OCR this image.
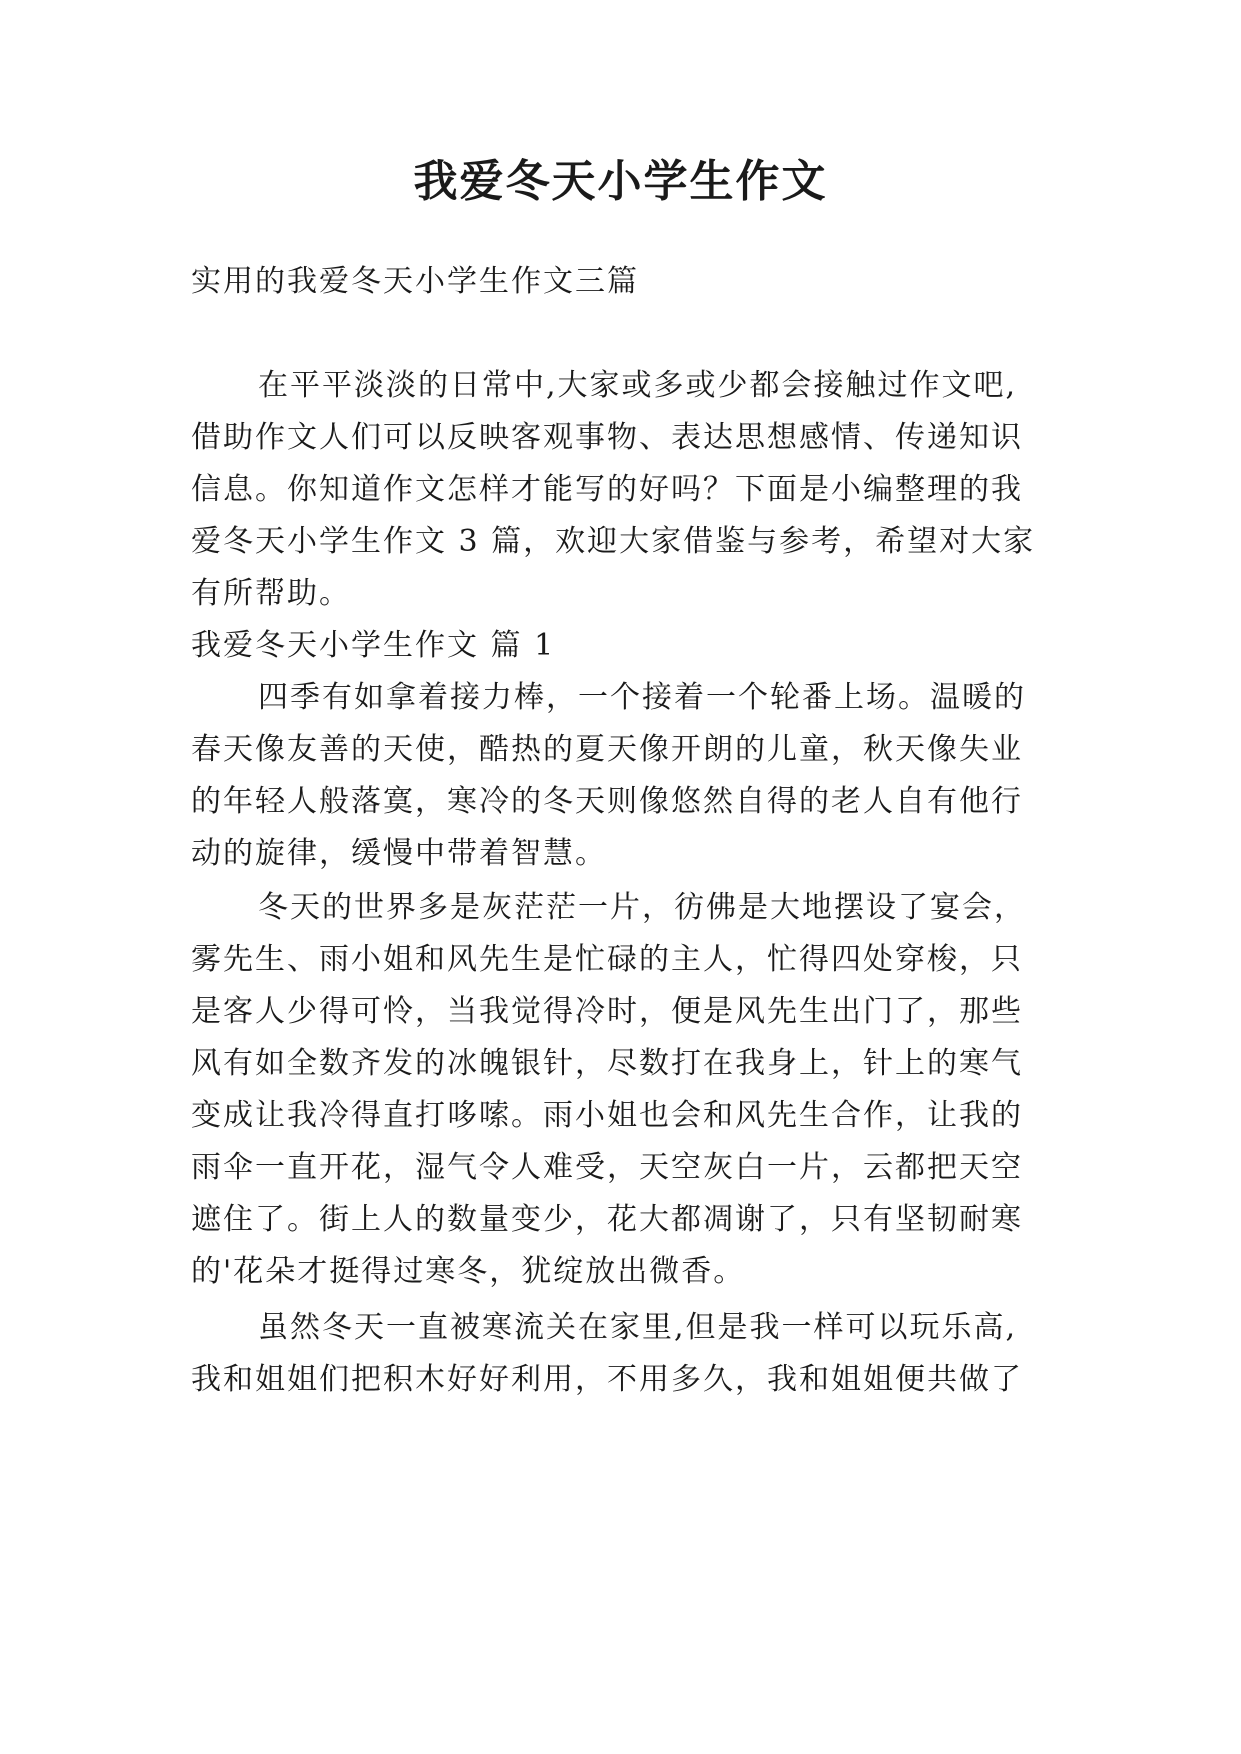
我爱冬天小学生作文

实用的我爱冬天小学生作文三篇

在平平淡淡的日常中,大家或多或少都会接触过作文吧,

借助作文人们可以反映客观事物、表达思想感情、传递知识

信息。你知道作文怎样才能写的好吗？下面是小编整理的我

爱冬天小学生作文 3 篇，欢迎大家借鉴与参考，希望对大家

有所帮助。

我爱冬天小学生作文 篇 1

四季有如拿着接力棒，一个接着一个轮番上场。温暖的

春天像友善的天使，酷热的夏天像开朗的儿童，秋天像失业

的年轻人般落寞，寒冷的冬天则像悠然自得的老人自有他行

动的旋律，缓慢中带着智慧。

冬天的世界多是灰茫茫一片，彷佛是大地摆设了宴会，

雾先生、雨小姐和风先生是忙碌的主人，忙得四处穿梭，只

是客人少得可怜，当我觉得冷时，便是风先生出门了，那些

风有如全数齐发的冰魄银针，尽数打在我身上，针上的寒气

变成让我冷得直打哆嗦。雨小姐也会和风先生合作，让我的

雨伞一直开花，湿气令人难受，天空灰白一片，云都把天空

遮住了。街上人的数量变少，花大都凋谢了，只有坚韧耐寒

的'花朵才挺得过寒冬，犹绽放出微香。

虽然冬天一直被寒流关在家里,但是我一样可以玩乐高,

我和姐姐们把积木好好利用，不用多久，我和姐姐便共做了
